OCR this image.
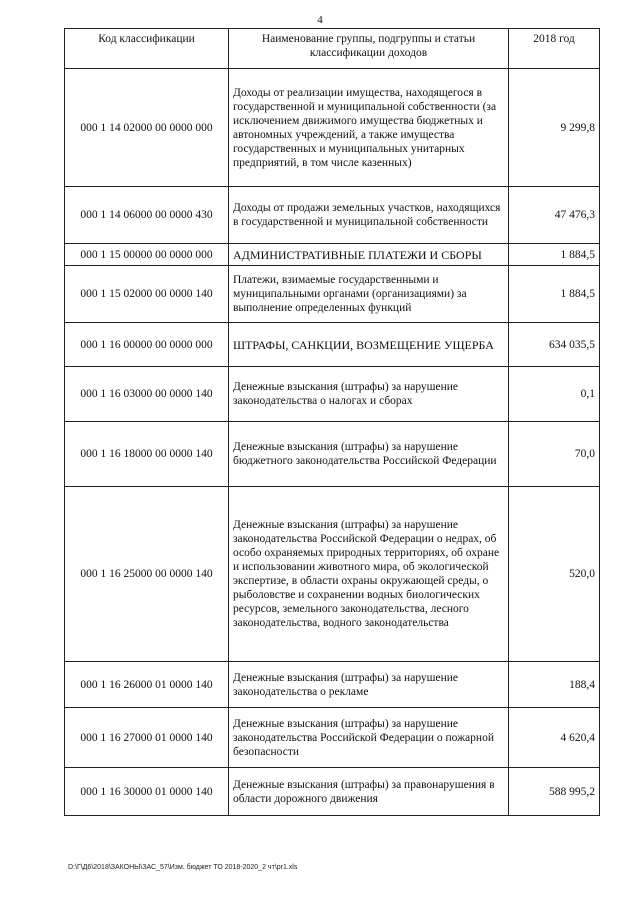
4
Код классификации	Наименование группы, подгруппы и статьи классификации доходов	2018 год
000 1 14 02000 00 0000 000	Доходы от реализации имущества, находящегося в государственной и муниципальной собственности (за исключением движимого имущества бюджетных и автономных учреждений, а также имущества государственных и муниципальных унитарных предприятий, в том числе казенных)	9 299,8
000 1 14 06000 00 0000 430	Доходы от продажи земельных участков, находящихся в государственной и муниципальной собственности	47 476,3
000 1 15 00000 00 0000 000	АДМИНИСТРАТИВНЫЕ ПЛАТЕЖИ И СБОРЫ	1 884,5
000 1 15 02000 00 0000 140	Платежи, взимаемые государственными и муниципальными органами (организациями) за выполнение определенных функций	1 884,5
000 1 16 00000 00 0000 000	ШТРАФЫ, САНКЦИИ, ВОЗМЕЩЕНИЕ УЩЕРБА	634 035,5
000 1 16 03000 00 0000 140	Денежные взыскания (штрафы) за нарушение законодательства о налогах и сборах	0,1
000 1 16 18000 00 0000 140	Денежные взыскания (штрафы) за нарушение бюджетного законодательства Российской Федерации	70,0
000 1 16 25000 00 0000 140	Денежные взыскания (штрафы) за нарушение законодательства Российской Федерации о недрах, об особо охраняемых природных территориях, об охране и использовании животного мира, об экологической экспертизе, в области охраны окружающей среды, о рыболовстве и сохранении водных биологических ресурсов, земельного законодательства, лесного законодательства, водного законодательства	520,0
000 1 16 26000 01 0000 140	Денежные взыскания (штрафы) за нарушение законодательства о рекламе	188,4
000 1 16 27000 01 0000 140	Денежные взыскания (штрафы) за нарушение законодательства Российской Федерации о пожарной безопасности	4 620,4
000 1 16 30000 01 0000 140	Денежные взыскания (штрафы) за правонарушения в области дорожного движения	588 995,2
D:\Г\Д6\2018\ЗАКОНЫ\ЗАС_57\Изм. бюджет ТО 2018-2020_2 чт\pr1.xls
